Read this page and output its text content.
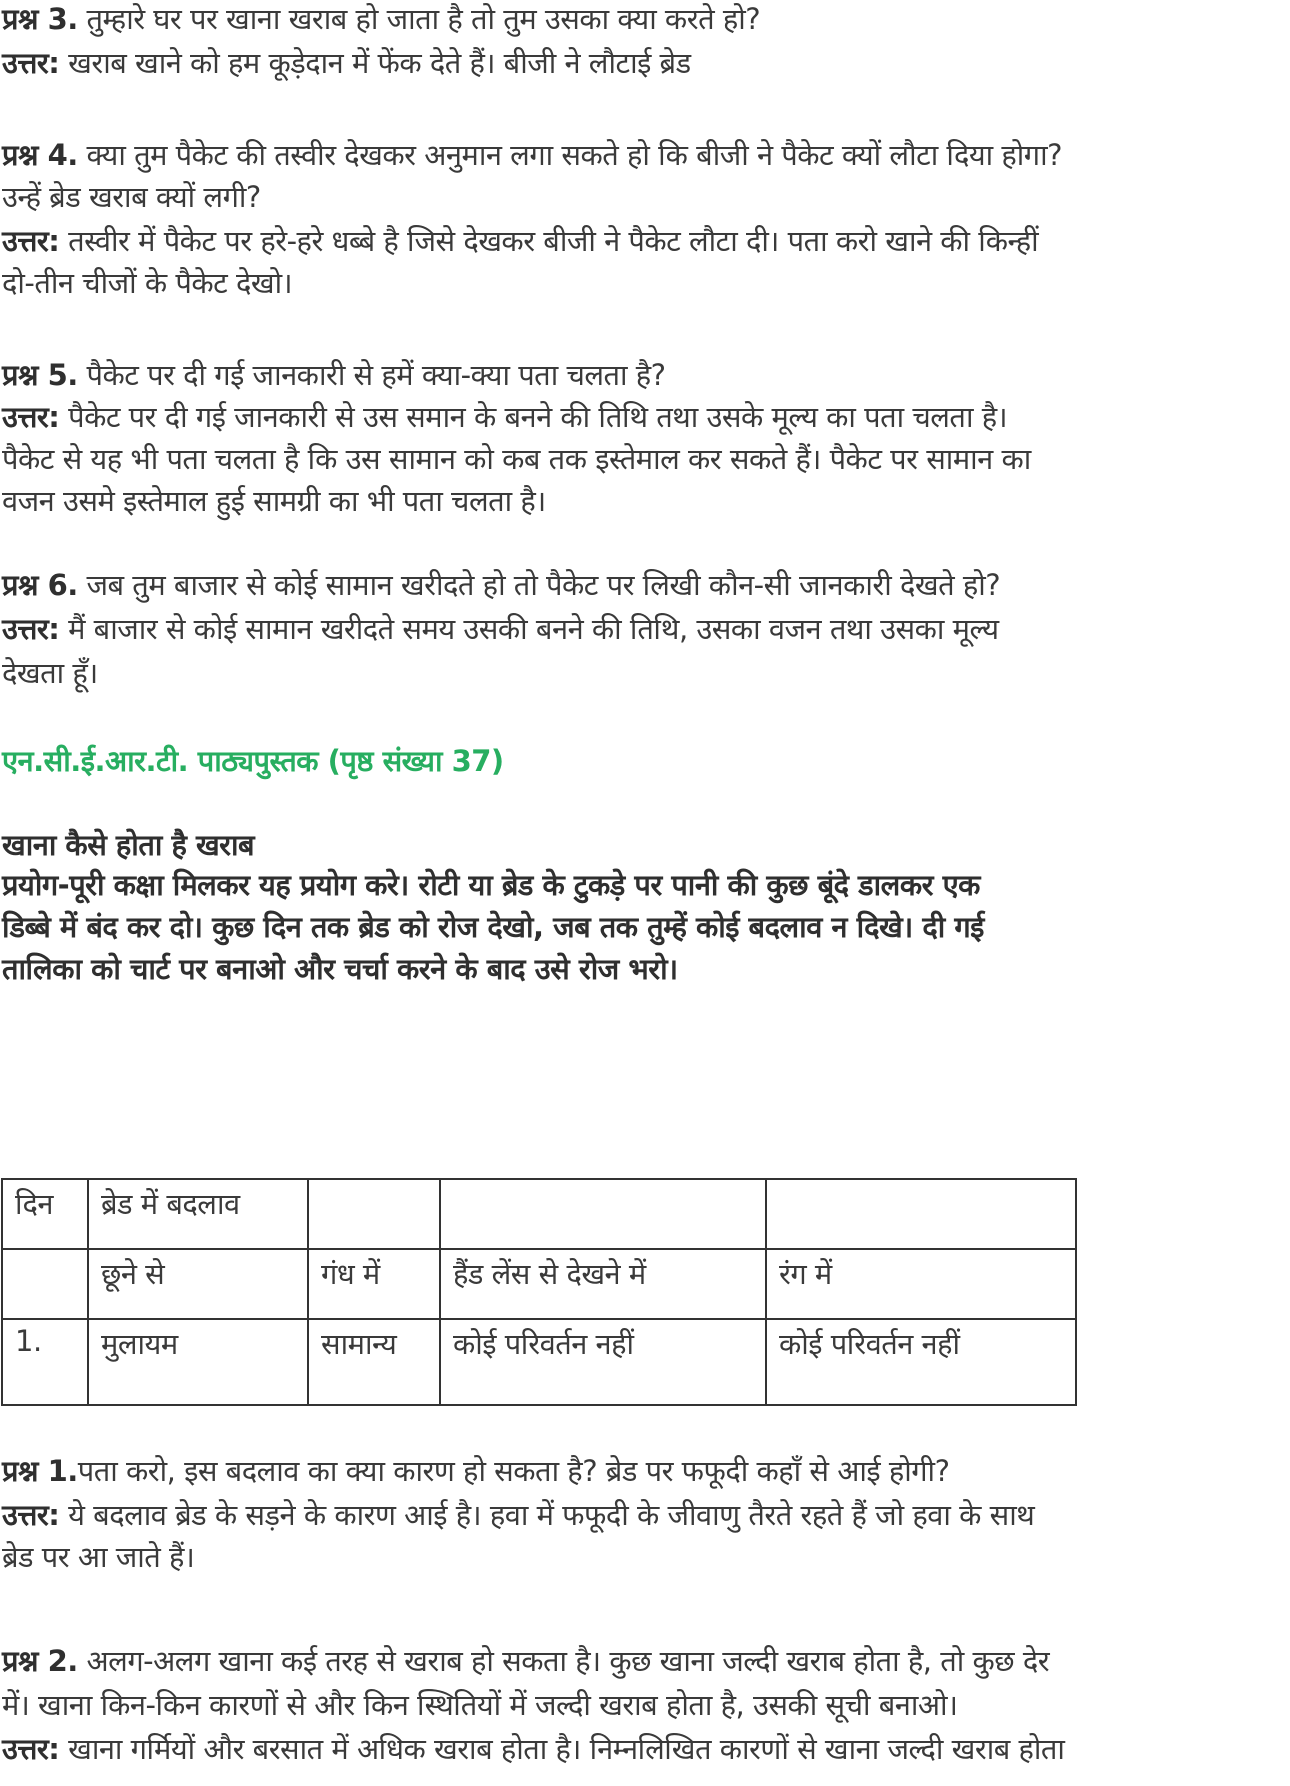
प्रश्न 3. तुम्हारे घर पर खाना खराब हो जाता है तो तुम उसका क्या करते हो?
उत्तर: खराब खाने को हम कूड़ेदान में फेंक देते हैं। बीजी ने लौटाई ब्रेड
प्रश्न 4. क्या तुम पैकेट की तस्वीर देखकर अनुमान लगा सकते हो कि बीजी ने पैकेट क्यों लौटा दिया होगा?
उन्हें ब्रेड खराब क्यों लगी?
उत्तर: तस्वीर में पैकेट पर हरे-हरे धब्बे है जिसे देखकर बीजी ने पैकेट लौटा दी। पता करो खाने की किन्हीं
दो-तीन चीजों के पैकेट देखो।
प्रश्न 5. पैकेट पर दी गई जानकारी से हमें क्या-क्या पता चलता है?
उत्तर: पैकेट पर दी गई जानकारी से उस समान के बनने की तिथि तथा उसके मूल्य का पता चलता है।
पैकेट से यह भी पता चलता है कि उस सामान को कब तक इस्तेमाल कर सकते हैं। पैकेट पर सामान का
वजन उसमे इस्तेमाल हुई सामग्री का भी पता चलता है।
प्रश्न 6. जब तुम बाजार से कोई सामान खरीदते हो तो पैकेट पर लिखी कौन-सी जानकारी देखते हो?
उत्तर: मैं बाजार से कोई सामान खरीदते समय उसकी बनने की तिथि, उसका वजन तथा उसका मूल्य
देखता हूँ।
एन.सी.ई.आर.टी. पाठ्यपुस्तक (पृष्ठ संख्या 37)
खाना कैसे होता है खराब
प्रयोग-पूरी कक्षा मिलकर यह प्रयोग करे। रोटी या ब्रेड के टुकड़े पर पानी की कुछ बूंदे डालकर एक
डिब्बे में बंद कर दो। कुछ दिन तक ब्रेड को रोज देखो, जब तक तुम्हें कोई बदलाव न दिखे। दी गई
तालिका को चार्ट पर बनाओ और चर्चा करने के बाद उसे रोज भरो।
दिन	ब्रेड में बदलाव			
	छूने से	गंध में	हैंड लेंस से देखने में	रंग में
1.	मुलायम	सामान्य	कोई परिवर्तन नहीं	कोई परिवर्तन नहीं
प्रश्न 1.पता करो, इस बदलाव का क्या कारण हो सकता है? ब्रेड पर फफूदी कहाँ से आई होगी?
उत्तर: ये बदलाव ब्रेड के सड़ने के कारण आई है। हवा में फफूदी के जीवाणु तैरते रहते हैं जो हवा के साथ
ब्रेड पर आ जाते हैं।
प्रश्न 2. अलग-अलग खाना कई तरह से खराब हो सकता है। कुछ खाना जल्दी खराब होता है, तो कुछ देर
में। खाना किन-किन कारणों से और किन स्थितियों में जल्दी खराब होता है, उसकी सूची बनाओ।
उत्तर: खाना गर्मियों और बरसात में अधिक खराब होता है। निम्नलिखित कारणों से खाना जल्दी खराब होता
